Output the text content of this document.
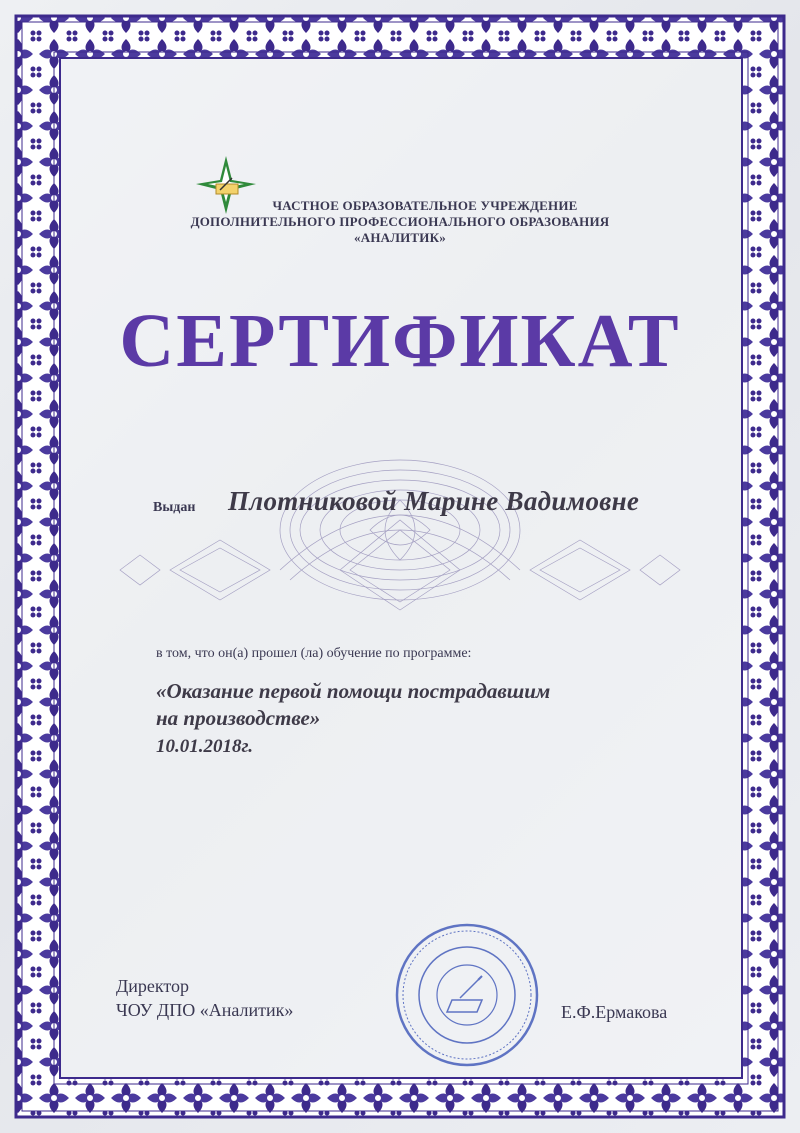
ЧАСТНОЕ ОБРАЗОВАТЕЛЬНОЕ УЧРЕЖДЕНИЕ
ДОПОЛНИТЕЛЬНОГО ПРОФЕССИОНАЛЬНОГО ОБРАЗОВАНИЯ
«АНАЛИТИК»
СЕРТИФИКАТ
Выдан Плотниковой Марине Вадимовне
в том, что он(а) прошел (ла) обучение по программе:
«Оказание первой помощи пострадавшим
на производстве»
10.01.2018г.
Директор
ЧОУ ДПО «Аналитик»	Е.Ф.Ермакова
